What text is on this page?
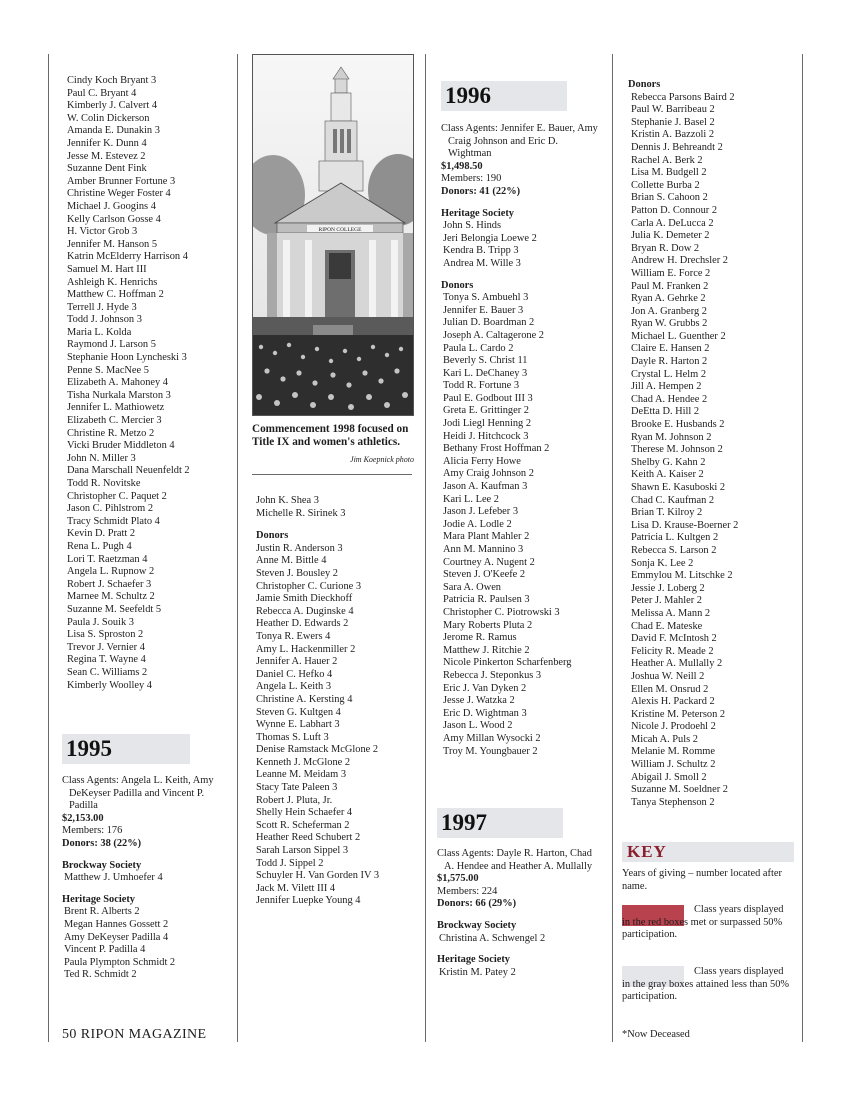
Cindy Koch Bryant 3
Paul C. Bryant 4
Kimberly J. Calvert 4
W. Colin Dickerson
Amanda E. Dunakin 3
Jennifer K. Dunn 4
Jesse M. Estevez 2
Suzanne Dent Fink
Amber Brunner Fortune 3
Christine Weger Foster 4
Michael J. Googins 4
Kelly Carlson Gosse 4
H. Victor Grob 3
Jennifer M. Hanson 5
Katrin McElderry Harrison 4
Samuel M. Hart III
Ashleigh K. Henrichs
Matthew C. Hoffman 2
Terrell J. Hyde 3
Todd J. Johnson 3
Maria L. Kolda
Raymond J. Larson 5
Stephanie Hoon Lyncheski 3
Penne S. MacNee 5
Elizabeth A. Mahoney 4
Tisha Nurkala Marston 3
Jennifer L. Mathiowetz
Elizabeth C. Mercier 3
Christine R. Metzo 2
Vicki Bruder Middleton 4
John N. Miller 3
Dana Marschall Neuenfeldt 2
Todd R. Novitske
Christopher C. Paquet 2
Jason C. Pihlstrom 2
Tracy Schmidt Plato 4
Kevin D. Pratt 2
Rena L. Pugh 4
Lori T. Raetzman 4
Angela L. Rupnow 2
Robert J. Schaefer 3
Marnee M. Schultz 2
Suzanne M. Seefeldt 5
Paula J. Souik 3
Lisa S. Sproston 2
Trevor J. Vernier 4
Regina T. Wayne 4
Sean C. Williams 2
Kimberly Woolley 4
1995
Class Agents: Angela L. Keith, Amy DeKeyser Padilla and Vincent P. Padilla
$2,153.00
Members: 176
Donors: 38 (22%)
Brockway Society
Matthew J. Umhoefer 4
Heritage Society
Brent R. Alberts 2
Megan Hannes Gossett 2
Amy DeKeyser Padilla 4
Vincent P. Padilla 4
Paula Plympton Schmidt 2
Ted R. Schmidt 2
RIPON COLLEGE
Commencement 1998 focused on Title IX and women's athletics.
Jim Koepnick photo
John K. Shea 3
Michelle R. Sirinek 3
Donors
Justin R. Anderson 3
Anne M. Bittle 4
Steven J. Bousley 2
Christopher C. Curione 3
Jamie Smith Dieckhoff
Rebecca A. Duginske 4
Heather D. Edwards 2
Tonya R. Ewers 4
Amy L. Hackenmiller 2
Jennifer A. Hauer 2
Daniel C. Hefko 4
Angela L. Keith 3
Christine A. Kersting 4
Steven G. Kultgen 4
Wynne E. Labhart 3
Thomas S. Luft 3
Denise Ramstack McGlone 2
Kenneth J. McGlone 2
Leanne M. Meidam 3
Stacy Tate Paleen 3
Robert J. Pluta, Jr.
Shelly Hein Schaefer 4
Scott R. Scheferman 2
Heather Reed Schubert 2
Sarah Larson Sippel 3
Todd J. Sippel 2
Schuyler H. Van Gorden IV 3
Jack M. Vilett III 4
Jennifer Luepke Young 4
1996
Class Agents: Jennifer E. Bauer, Amy Craig Johnson and Eric D. Wightman
$1,498.50
Members: 190
Donors: 41 (22%)
Heritage Society
John S. Hinds
Jeri Belongia Loewe 2
Kendra B. Tripp 3
Andrea M. Wille 3
Donors
Tonya S. Ambuehl 3
Jennifer E. Bauer 3
Julian D. Boardman 2
Joseph A. Caltagerone 2
Paula L. Cardo 2
Beverly S. Christ 11
Kari L. DeChaney 3
Todd R. Fortune 3
Paul E. Godbout III 3
Greta E. Grittinger 2
Jodi Liegl Henning 2
Heidi J. Hitchcock 3
Bethany Frost Hoffman 2
Alicia Ferry Howe
Amy Craig Johnson 2
Jason A. Kaufman 3
Kari L. Lee 2
Jason J. Lefeber 3
Jodie A. Lodle 2
Mara Plant Mahler 2
Ann M. Mannino 3
Courtney A. Nugent 2
Steven J. O'Keefe 2
Sara A. Owen
Patricia R. Paulsen 3
Christopher C. Piotrowski 3
Mary Roberts Pluta 2
Jerome R. Ramus
Matthew J. Ritchie 2
Nicole Pinkerton Scharfenberg
Rebecca J. Steponkus 3
Eric J. Van Dyken 2
Jesse J. Watzka 2
Eric D. Wightman 3
Jason L. Wood 2
Amy Millan Wysocki 2
Troy M. Youngbauer 2
1997
Class Agents: Dayle R. Harton, Chad A. Hendee and Heather A. Mullally
$1,575.00
Members: 224
Donors: 66 (29%)
Brockway Society
Christina A. Schwengel 2
Heritage Society
Kristin M. Patey 2
Donors
Rebecca Parsons Baird 2
Paul W. Barribeau 2
Stephanie J. Basel 2
Kristin A. Bazzoli 2
Dennis J. Behreandt 2
Rachel A. Berk 2
Lisa M. Budgell 2
Collette Burba 2
Brian S. Cahoon 2
Patton D. Connour 2
Carla A. DeLucca 2
Julia K. Demeter 2
Bryan R. Dow 2
Andrew H. Drechsler 2
William E. Force 2
Paul M. Franken 2
Ryan A. Gehrke 2
Jon A. Granberg 2
Ryan W. Grubbs 2
Michael L. Guenther 2
Claire E. Hansen 2
Dayle R. Harton 2
Crystal L. Helm 2
Jill A. Hempen 2
Chad A. Hendee 2
DeEtta D. Hill 2
Brooke E. Husbands 2
Ryan M. Johnson 2
Therese M. Johnson 2
Shelby G. Kahn 2
Keith A. Kaiser 2
Shawn E. Kasuboski 2
Chad C. Kaufman 2
Brian T. Kilroy 2
Lisa D. Krause-Boerner 2
Patricia L. Kultgen 2
Rebecca S. Larson 2
Sonja K. Lee 2
Emmylou M. Litschke 2
Jessie J. Loberg 2
Peter J. Mahler 2
Melissa A. Mann 2
Chad E. Mateske
David F. McIntosh 2
Felicity R. Meade 2
Heather A. Mullally 2
Joshua W. Neill 2
Ellen M. Onsrud 2
Alexis H. Packard 2
Kristine M. Peterson 2
Nicole J. Prodoehl 2
Micah A. Puls 2
Melanie M. Romme
William J. Schultz 2
Abigail J. Smoll 2
Suzanne M. Soeldner 2
Tanya Stephenson 2
KEY
Years of giving – number located after name.
Class years displayed in the red boxes met or surpassed 50% participation.
Class years displayed in the gray boxes attained less than 50% participation.
*Now Deceased
50 RIPON MAGAZINE
